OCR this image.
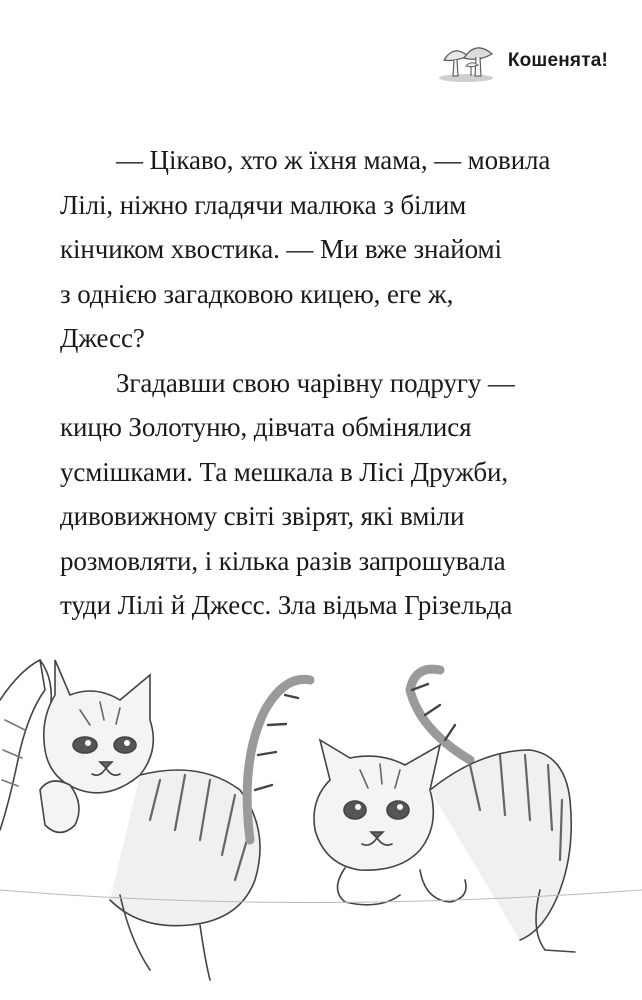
Кошенята!
— Цікаво, хто ж їхня мама, — мовила
Лілі, ніжно гладячи малюка з білим
кінчиком хвостика. — Ми вже знайомі
з однією загадковою кицею, еге ж,
Джесс?
Згадавши свою чарівну подругу —
кицю Золотуню, дівчата обмінялися
усмішками. Та мешкала в Лісі Дружби,
дивовижному світі звірят, які вміли
розмовляти, і кілька разів запрошувала
туди Лілі й Джесс. Зла відьма Грізельда
